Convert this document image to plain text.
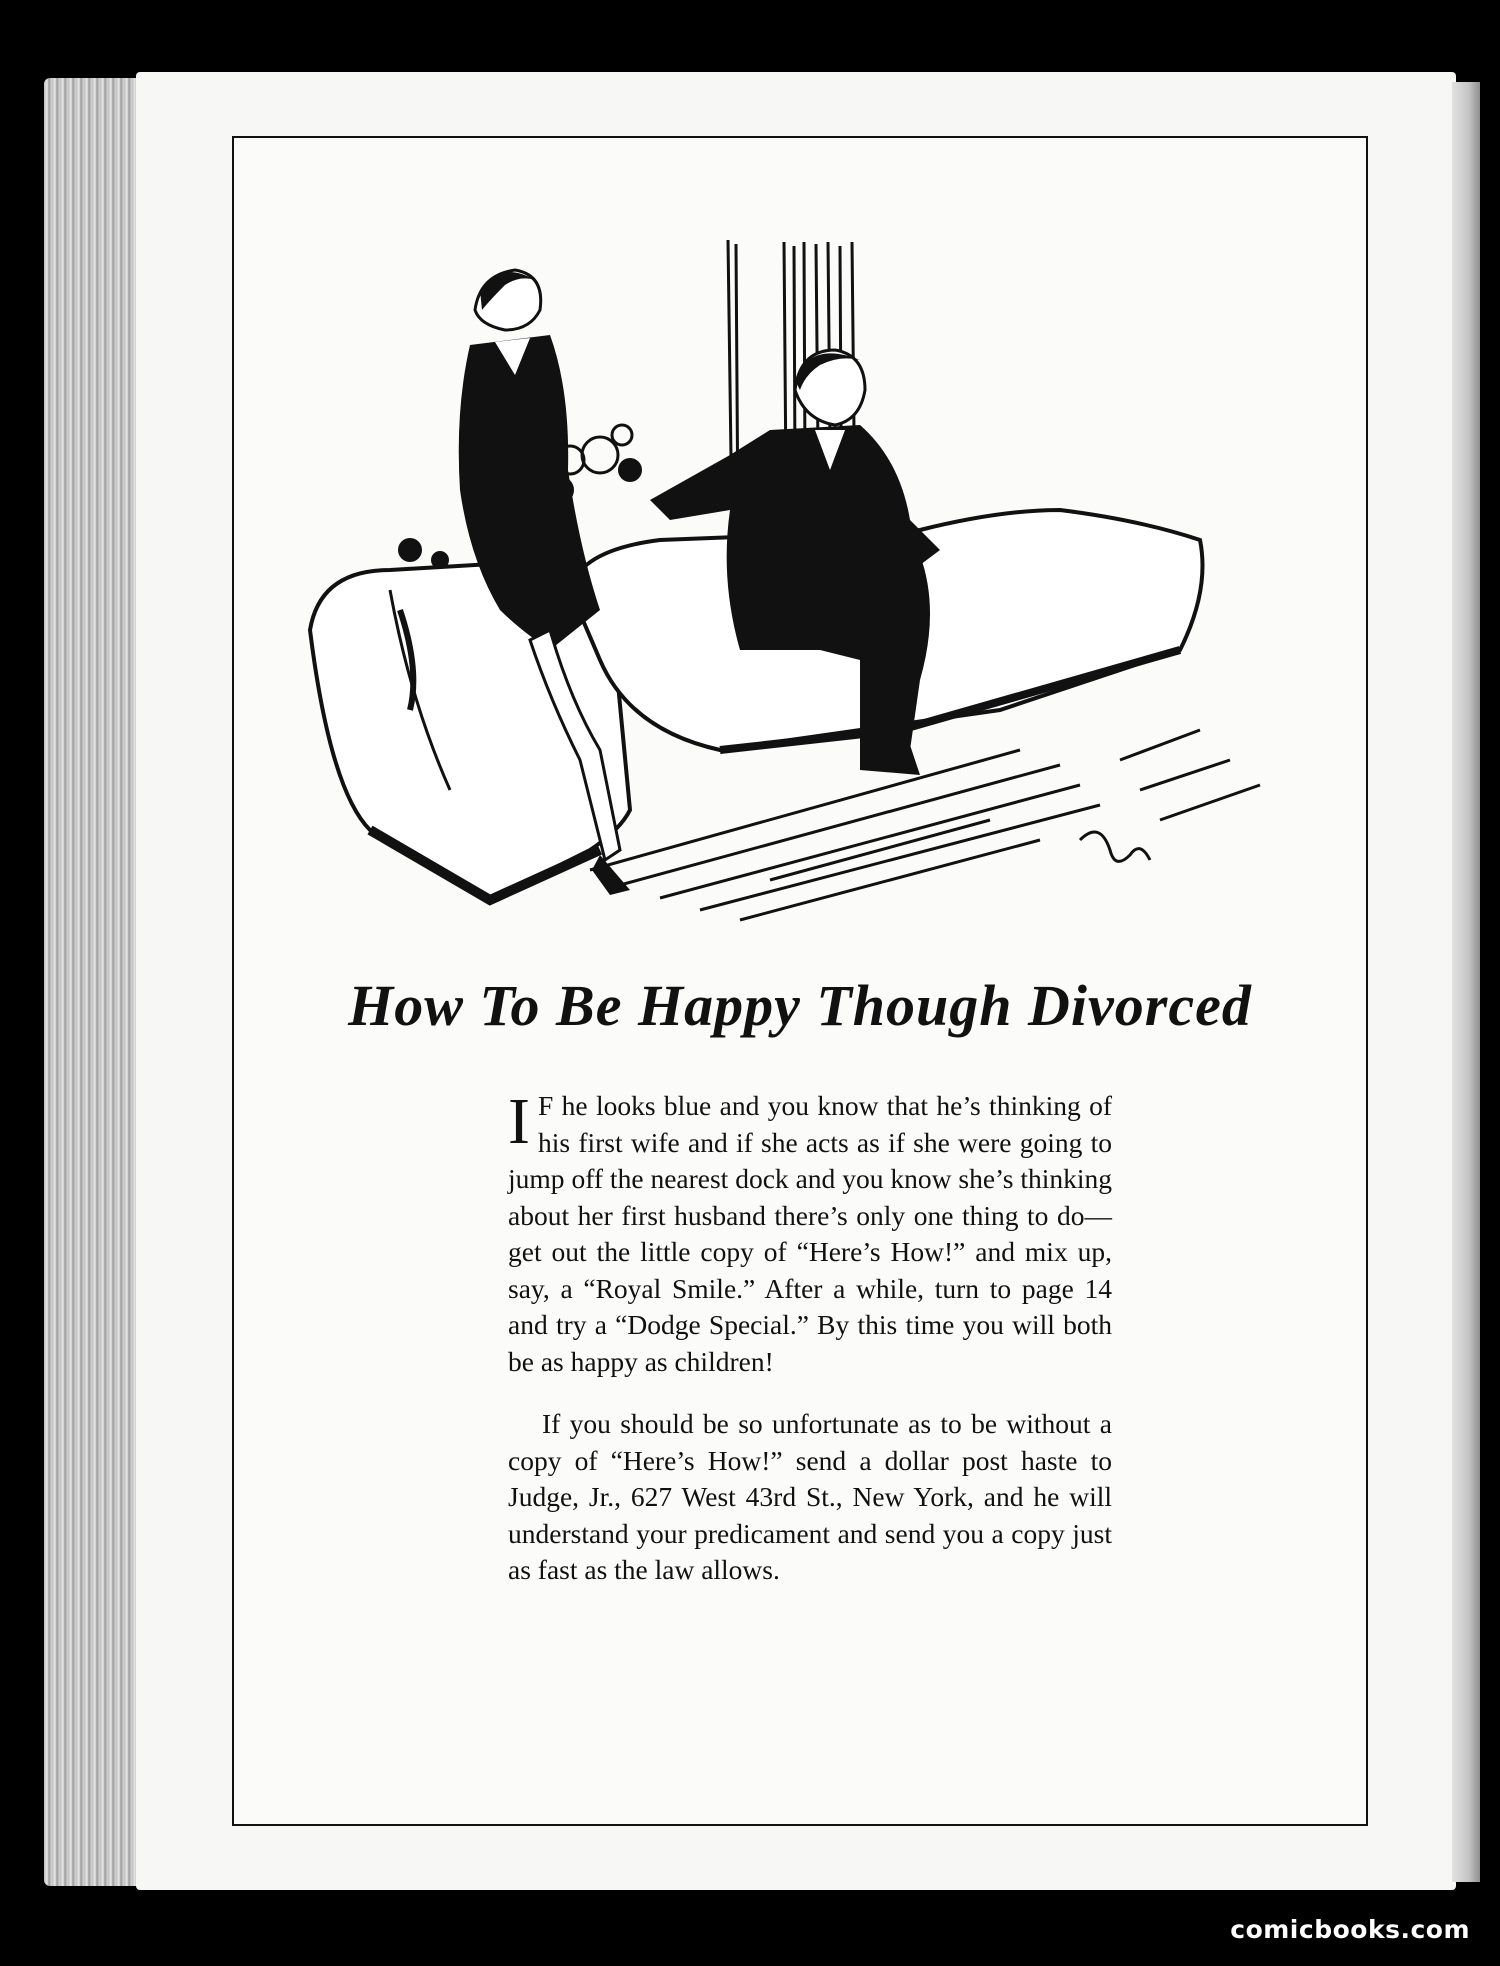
How To Be Happy Though Divorced

I F he looks blue and you know that he’s thinking of his first wife and if she acts as if she were going to jump off the nearest dock and you know she’s thinking about her first husband there’s only one thing to do—get out the little copy of “Here’s How!” and mix up, say, a “Royal Smile.” After a while, turn to page 14 and try a “Dodge Special.” By this time you will both be as happy as children!

If you should be so unfortunate as to be without a copy of “Here’s How!” send a dollar post haste to Judge, Jr., 627 West 43rd St., New York, and he will understand your predicament and send you a copy just as fast as the law allows.

comicbooks.com
